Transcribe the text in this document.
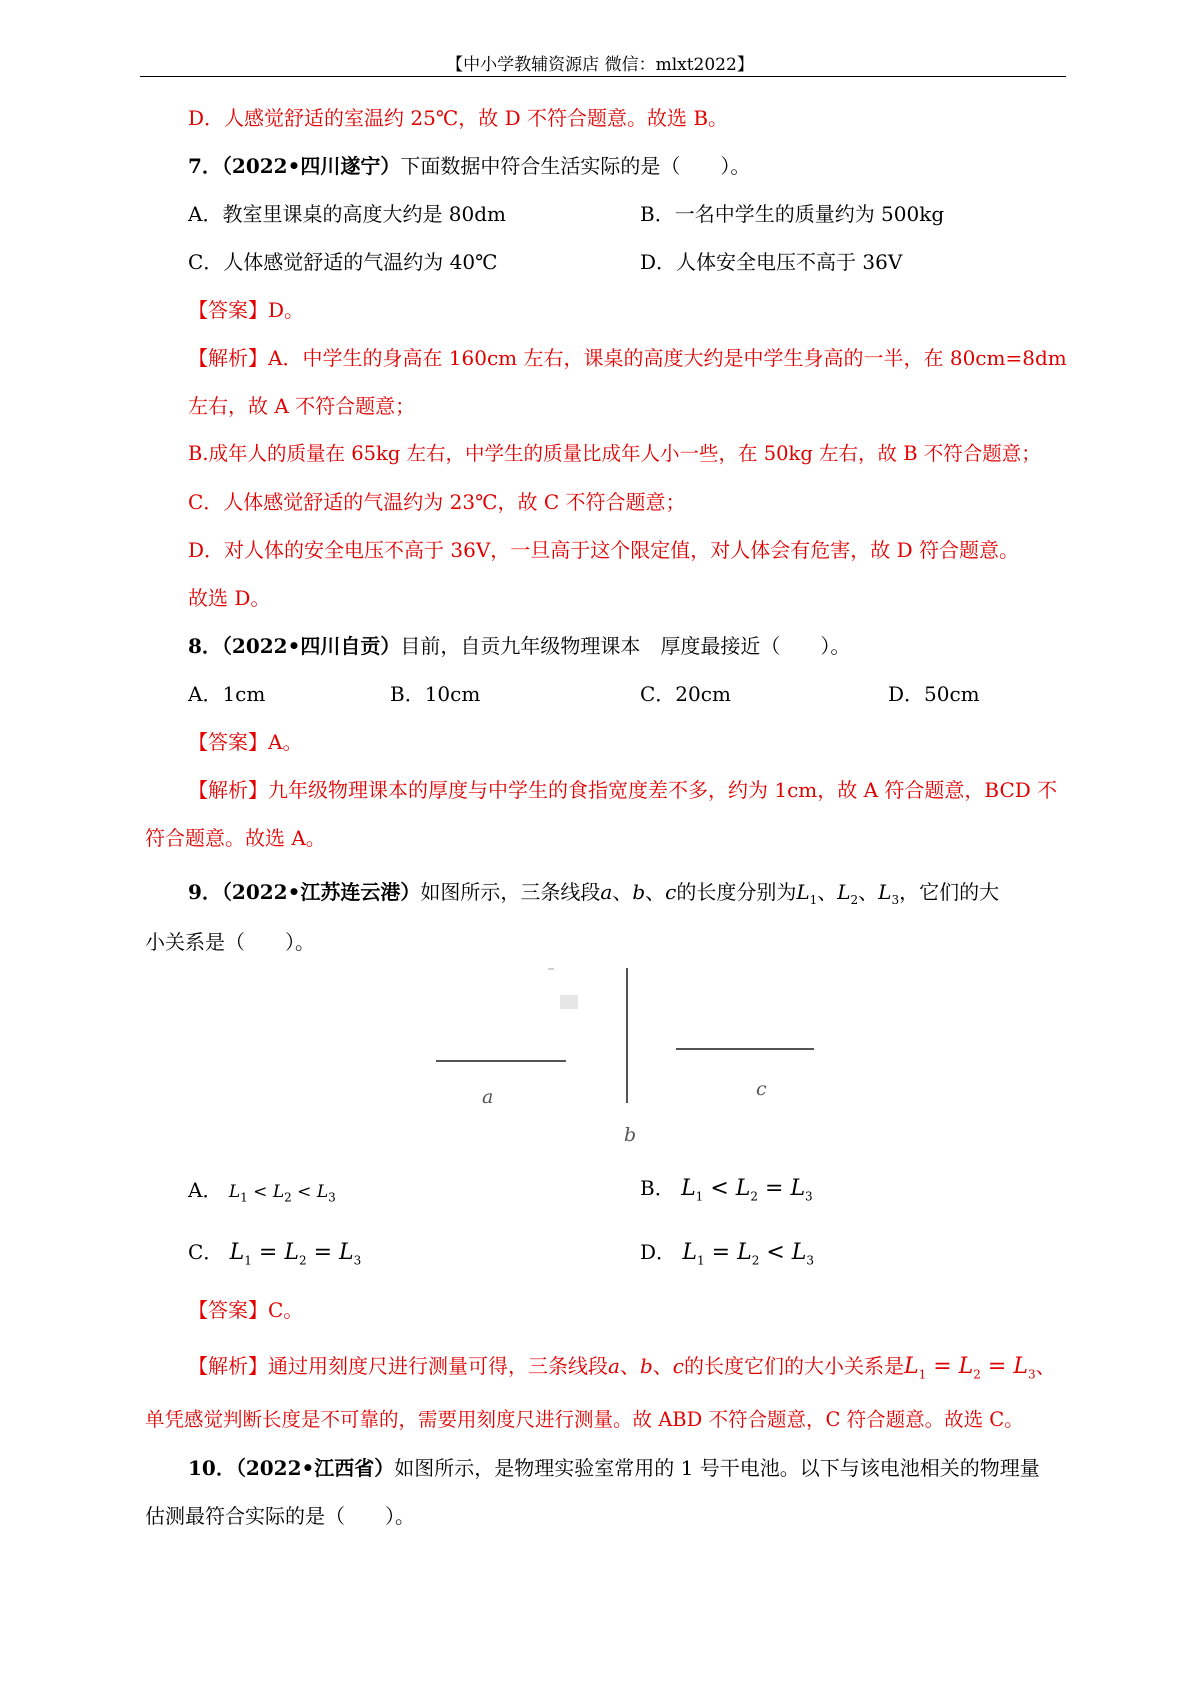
【中小学教辅资源店 微信：mlxt2022】
D．人感觉舒适的室温约 25℃，故 D 不符合题意。故选 B。
7．（2022•四川遂宁）下面数据中符合生活实际的是（　　）。
A．教室里课桌的高度大约是 80dm	B．一名中学生的质量约为 500kg
C．人体感觉舒适的气温约为 40℃	D．人体安全电压不高于 36V
【答案】D。
【解析】A．中学生的身高在 160cm 左右，课桌的高度大约是中学生身高的一半，在 80cm=8dm
左右，故 A 不符合题意；
B.成年人的质量在 65kg 左右，中学生的质量比成年人小一些，在 50kg 左右，故 B 不符合题意；
C．人体感觉舒适的气温约为 23℃，故 C 不符合题意；
D．对人体的安全电压不高于 36V，一旦高于这个限定值，对人体会有危害，故 D 符合题意。
故选 D。
8．（2022•四川自贡）目前，自贡九年级物理课本　厚度最接近（　　）。
A．1cm	B．10cm	C．20cm	D．50cm
【答案】A。
【解析】九年级物理课本的厚度与中学生的食指宽度差不多，约为 1cm，故 A 符合题意，BCD 不
符合题意。故选 A。
9．（2022•江苏连云港）如图所示，三条线段a、b、c的长度分别为$L_1$、$L_2$、$L_3$，它们的大
小关系是（　　）。
a
b
c
A． $L_1 < L_2 < L_3$	B． $L_1 < L_2 = L_3$
C． $L_1 = L_2 = L_3$	D． $L_1 = L_2 < L_3$
【答案】C。
【解析】通过用刻度尺进行测量可得，三条线段a、b、c的长度它们的大小关系是$L_1 = L_2 = L_3$、
单凭感觉判断长度是不可靠的，需要用刻度尺进行测量。故 ABD 不符合题意，C 符合题意。故选 C。
10．（2022•江西省）如图所示，是物理实验室常用的 1 号干电池。以下与该电池相关的物理量
估测最符合实际的是（　　）。
